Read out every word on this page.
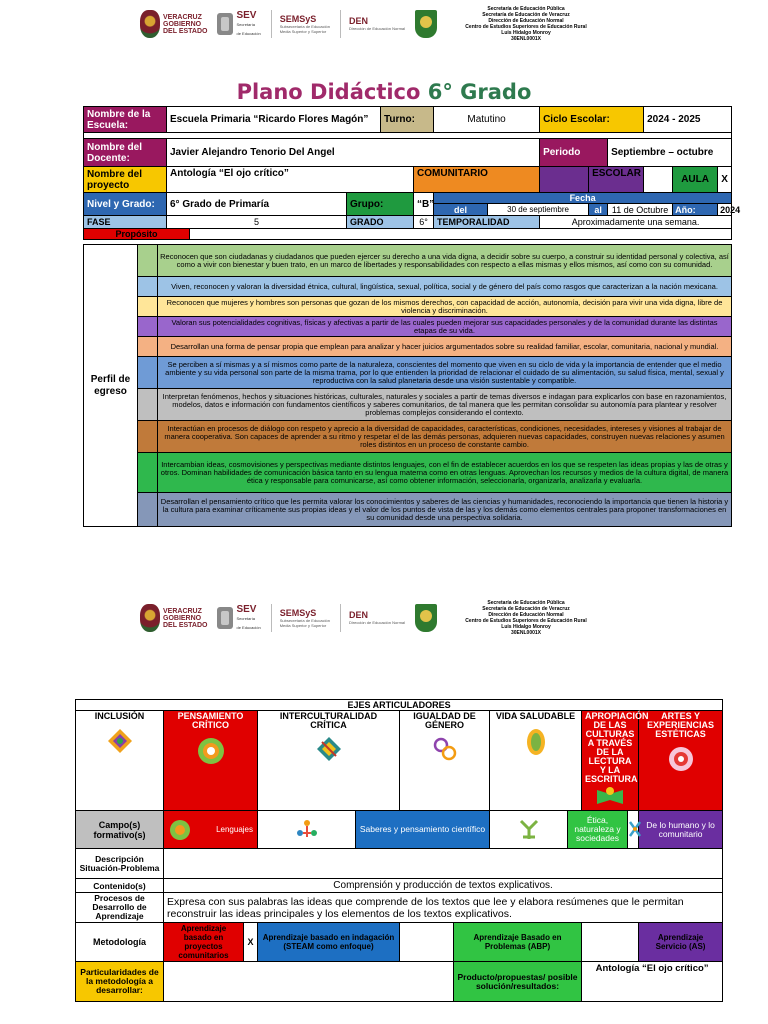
VERACRUZ
GOBIERNO
DEL ESTADO
SEV
Secretaría
de Educación
SEMSyS
Subsecretaría de Educación
Media Superior y Superior
DEN
Dirección de Educación Normal
Secretaría de Educación Pública
Secretaría de Educación de Veracruz
Dirección de Educación Normal
Centro de Estudios Superiores de Educación Rural
Luis Hidalgo Monroy
30ENL0001X
Plano Didáctico 6° Grado
Nombre de la Escuela:	Escuela Primaria “Ricardo Flores Magón”			Turno:		Matutino		Ciclo Escolar:			2024 - 2025		

Nombre del Docente:	Javier Alejandro Tenorio Del Angel							Periodo		Septiembre – octubre			
Nombre del proyecto	Antología “El ojo crítico”				COMUNITARIO				ESCOLAR			AULA	X
Nivel y Grado:	6° Grado de Primaría		Grupo:		“B”	Fecha							
						del	30 de septiembre		al	11 de Octubre		Año:	2024
FASE	5		GRADO		6°	TEMPORALIDAD		Aproximadamente una semana.					
Propósito													
Perfil de egreso		Reconocen que son ciudadanas y ciudadanos que pueden ejercer su derecho a una vida digna, a decidir sobre su cuerpo, a construir su identidad personal y colectiva, así como a vivir con bienestar y buen trato, en un marco de libertades y responsabilidades con respecto a ellas mismas y ellos mismos, así como con su comunidad.
		Viven, reconocen y valoran la diversidad étnica, cultural, lingüística, sexual, política, social y de género del país como rasgos que caracterizan a la nación mexicana.
		Reconocen que mujeres y hombres son personas que gozan de los mismos derechos, con capacidad de acción, autonomía, decisión para vivir una vida digna, libre de violencia y discriminación.
		Valoran sus potencialidades cognitivas, físicas y afectivas a partir de las cuales pueden mejorar sus capacidades personales y de la comunidad durante las distintas etapas de su vida.
		Desarrollan una forma de pensar propia que emplean para analizar y hacer juicios argumentados sobre su realidad familiar, escolar, comunitaria, nacional y mundial.
		Se perciben a sí mismas y a sí mismos como parte de la naturaleza, conscientes del momento que viven en su ciclo de vida y la importancia de entender que el medio ambiente y su vida personal son parte de la misma trama, por lo que entienden la prioridad de relacionar el cuidado de su alimentación, su salud física, mental, sexual y reproductiva con la salud planetaria desde una visión sustentable y compatible.
		Interpretan fenómenos, hechos y situaciones históricas, culturales, naturales y sociales a partir de temas diversos e indagan para explicarlos con base en razonamientos, modelos, datos e información con fundamentos científicos y saberes comunitarios, de tal manera que les permitan consolidar su autonomía para plantear y resolver problemas complejos considerando el contexto.
		Interactúan en procesos de diálogo con respeto y aprecio a la diversidad de capacidades, características, condiciones, necesidades, intereses y visiones al trabajar de manera cooperativa. Son capaces de aprender a su ritmo y respetar el de las demás personas, adquieren nuevas capacidades, construyen nuevas relaciones y asumen roles distintos en un proceso de constante cambio.
		Intercambian ideas, cosmovisiones y perspectivas mediante distintos lenguajes, con el fin de establecer acuerdos en los que se respeten las ideas propias y las de otras y otros. Dominan habilidades de comunicación básica tanto en su lengua materna como en otras lenguas. Aprovechan los recursos y medios de la cultura digital, de manera ética y responsable para comunicarse, así como obtener información, seleccionarla, organizarla, analizarla y evaluarla.
		Desarrollan el pensamiento crítico que les permita valorar los conocimientos y saberes de las ciencias y humanidades, reconociendo la importancia que tienen la historia y la cultura para examinar críticamente sus propias ideas y el valor de los puntos de vista de las y los demás como elementos centrales para proponer transformaciones en su comunidad desde una perspectiva solidaria.
VERACRUZ
GOBIERNO
DEL ESTADO
SEV
Secretaría
de Educación
SEMSyS
Subsecretaría de Educación
Media Superior y Superior
DEN
Dirección de Educación Normal
Secretaría de Educación Pública
Secretaría de Educación de Veracruz
Dirección de Educación Normal
Centro de Estudios Superiores de Educación Rural
Luis Hidalgo Monroy
30ENL0001X
EJES ARTICULADORES											
INCLUSIÓN	PENSAMIENTO CRÍTICO		INTERCULTURALIDAD CRÍTICA		IGUALDAD DE GÉNERO		VIDA SALUDABLE		APROPIACIÓN DE LAS CULTURAS A TRAVÉS DE LA LECTURA Y LA ESCRITURA		ARTES Y EXPERIENCIAS ESTÉTICAS

Campo(s) formativo(s)	Lenguajes			Saberes y pensamiento científico				Ética, naturaleza y sociedades			De lo humano y lo comunitario
Descripción Situación-Problema											
Contenido(s)	Comprensión y producción de textos explicativos.										
Procesos de Desarrollo de Aprendizaje	Expresa con sus palabras las ideas que comprende de los textos que lee y elabora resúmenes que le permitan reconstruir las ideas principales y los elementos de los textos explicativos.										
Metodología	Aprendizaje basado en proyectos comunitarios	X	Aprendizaje basado en indagación (STEAM como enfoque)			Aprendizaje Basado en Problemas (ABP)					Aprendizaje Servicio (AS)
Particularidades de la metodología a desarrollar:						Producto/propuestas/ posible solución/resultados:			Antología “El ojo crítico”		
